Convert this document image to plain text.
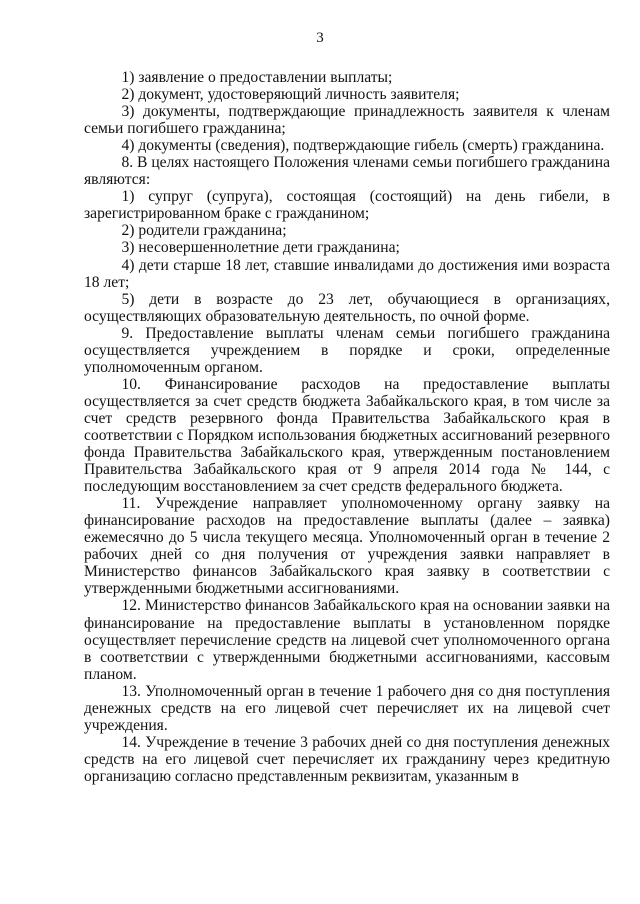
3

1) заявление о предоставлении выплаты;

2) документ, удостоверяющий личность заявителя;

3) документы, подтверждающие принадлежность заявителя к членам семьи погибшего гражданина;

4) документы (сведения), подтверждающие гибель (смерть) гражданина.

8. В целях настоящего Положения членами семьи погибшего гражданина являются:

1) супруг (супруга), состоящая (состоящий) на день гибели, в зарегистрированном браке с гражданином;

2) родители гражданина;

3) несовершеннолетние дети гражданина;

4) дети старше 18 лет, ставшие инвалидами до достижения ими возраста 18 лет;

5) дети в возрасте до 23 лет, обучающиеся в организациях, осуществляющих образовательную деятельность, по очной форме.

9. Предоставление выплаты членам семьи погибшего гражданина осуществляется учреждением в порядке и сроки, определенные уполномоченным органом.

10. Финансирование расходов на предоставление выплаты осуществляется за счет средств бюджета Забайкальского края, в том числе за счет средств резервного фонда Правительства Забайкальского края в соответствии с Порядком использования бюджетных ассигнований резервного фонда Правительства Забайкальского края, утвержденным постановлением Правительства Забайкальского края от 9 апреля 2014 года № 144, с последующим восстановлением за счет средств федерального бюджета.

11. Учреждение направляет уполномоченному органу заявку на финансирование расходов на предоставление выплаты (далее – заявка) ежемесячно до 5 числа текущего месяца. Уполномоченный орган в течение 2 рабочих дней со дня получения от учреждения заявки направляет в Министерство финансов Забайкальского края заявку в соответствии с утвержденными бюджетными ассигнованиями.

12. Министерство финансов Забайкальского края на основании заявки на финансирование на предоставление выплаты в установленном порядке осуществляет перечисление средств на лицевой счет уполномоченного органа в соответствии с утвержденными бюджетными ассигнованиями, кассовым планом.

13. Уполномоченный орган в течение 1 рабочего дня со дня поступления денежных средств на его лицевой счет перечисляет их на лицевой счет учреждения.

14. Учреждение в течение 3 рабочих дней со дня поступления денежных средств на его лицевой счет перечисляет их гражданину через кредитную организацию согласно представленным реквизитам, указанным в
